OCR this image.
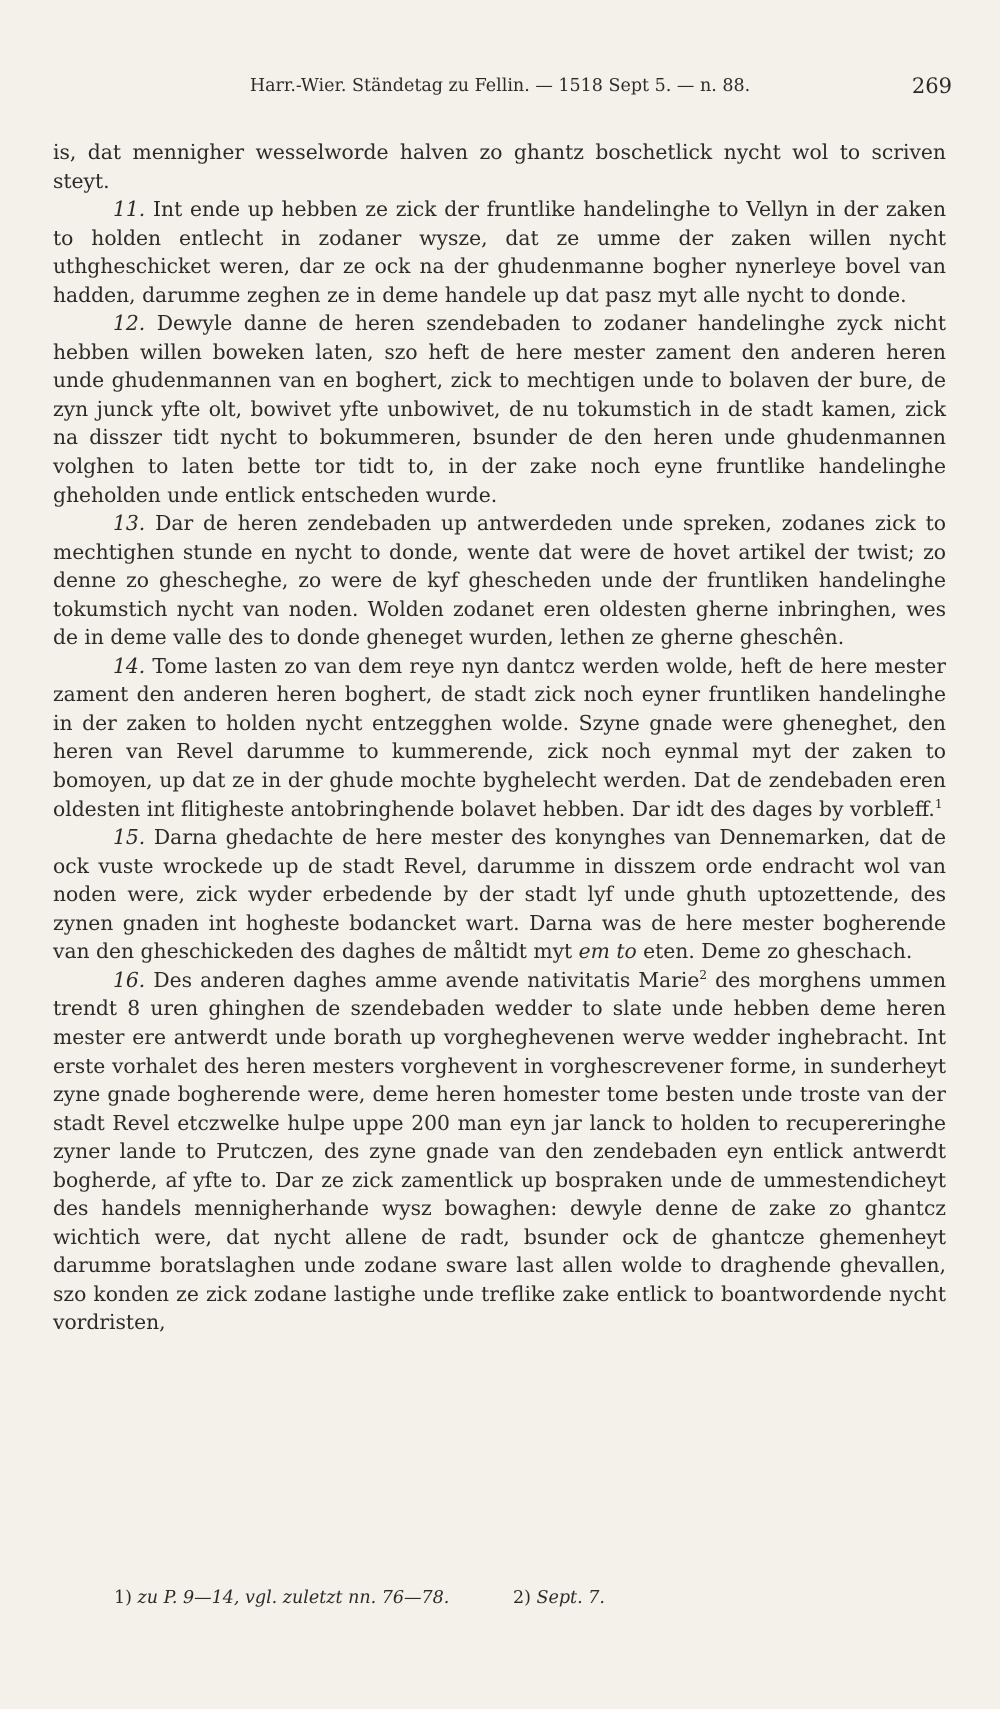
Harr.-Wier. Ständetag zu Fellin. — 1518 Sept 5. — n. 88.	269

is, dat mennigher wesselworde halven zo ghantz boschetlick nycht wol to scriven steyt.

11. Int ende up hebben ze zick der fruntlike handelinghe to Vellyn in der zaken to holden entlecht in zodaner wysze, dat ze umme der zaken willen nycht uthgheschicket weren, dar ze ock na der ghudenmanne bogher nynerleye bovel van hadden, darumme zeghen ze in deme handele up dat pasz myt alle nycht to donde.

12. Dewyle danne de heren szendebaden to zodaner handelinghe zyck nicht hebben willen boweken laten, szo heft de here mester zament den anderen heren unde ghudenmannen van en boghert, zick to mechtigen unde to bolaven der bure, de zyn junck yfte olt, bowivet yfte unbowivet, de nu tokumstich in de stadt kamen, zick na disszer tidt nycht to bokummeren, bsunder de den heren unde ghudenmannen volghen to laten bette tor tidt to, in der zake noch eyne fruntlike handelinghe gheholden unde entlick entscheden wurde.

13. Dar de heren zendebaden up antwerdeden unde spreken, zodanes zick to mechtighen stunde en nycht to donde, wente dat were de hovet artikel der twist; zo denne zo ghescheghe, zo were de kyf ghescheden unde der fruntliken handelinghe tokumstich nycht van noden. Wolden zodanet eren oldesten gherne inbringhen, wes de in deme valle des to donde gheneget wurden, lethen ze gherne gheschên.

14. Tome lasten zo van dem reye nyn dantcz werden wolde, heft de here mester zament den anderen heren boghert, de stadt zick noch eyner fruntliken handelinghe in der zaken to holden nycht entzegghen wolde. Szyne gnade were gheneghet, den heren van Revel darumme to kummerende, zick noch eynmal myt der zaken to bomoyen, up dat ze in der ghude mochte byghelecht werden. Dat de zendebaden eren oldesten int flitigheste antobringhende bolavet hebben. Dar idt des dages by vorbleff.$^1$

15. Darna ghedachte de here mester des konynghes van Dennemarken, dat de ock vuste wrockede up de stadt Revel, darumme in disszem orde endracht wol van noden were, zick wyder erbedende by der stadt lyf unde ghuth uptozettende, des zynen gnaden int hogheste bodancket wart. Darna was de here mester bogherende van den gheschickeden des daghes de måltidt myt em to eten. Deme zo gheschach.

16. Des anderen daghes amme avende nativitatis Marie$^2$ des morghens ummen trendt 8 uren ghinghen de szendebaden wedder to slate unde hebben deme heren mester ere antwerdt unde borath up vorgheghevenen werve wedder inghebracht. Int erste vorhalet des heren mesters vorghevent in vorghescrevener forme, in sunderheyt zyne gnade bogherende were, deme heren homester tome besten unde troste van der stadt Revel etczwelke hulpe uppe 200 man eyn jar lanck to holden to recupereringhe zyner lande to Prutczen, des zyne gnade van den zendebaden eyn entlick antwerdt bogherde, af yfte to. Dar ze zick zamentlick up bospraken unde de ummestendicheyt des handels mennigherhande wysz bowaghen: dewyle denne de zake zo ghantcz wichtich were, dat nycht allene de radt, bsunder ock de ghantcze ghemenheyt darumme boratslaghen unde zodane sware last allen wolde to draghende ghevallen, szo konden ze zick zodane lastighe unde treflike zake entlick to boantwordende nycht vordristen,

1) zu P. 9—14, vgl. zuletzt nn. 76—78.	2) Sept. 7.
